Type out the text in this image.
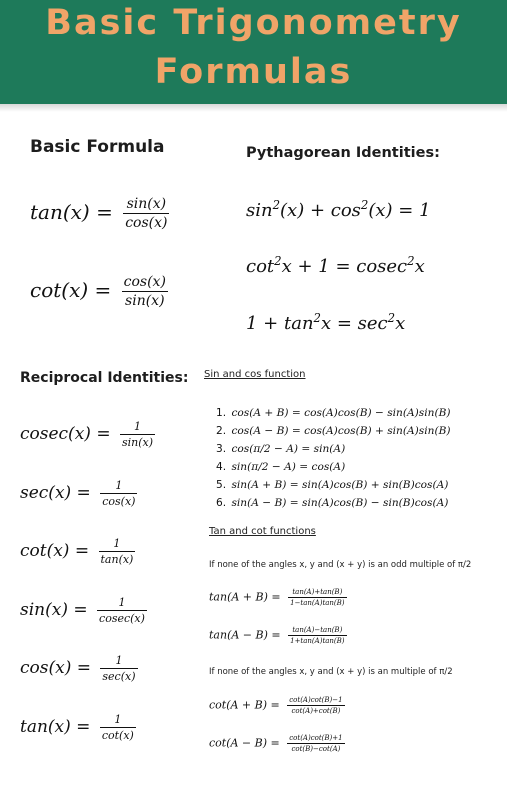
Basic Trigonometry
Formulas
Basic Formula
$\tan(x) = \frac{\sin(x)}{\cos(x)}$
$\cot(x) = \frac{\cos(x)}{\sin(x)}$
Pythagorean Identities:
$\sin^2(x) + \cos^2(x) = 1$
$\cot^2x + 1 = cosec^2x$
$1 + \tan^2x = \sec^2x$
Reciprocal Identities:
$cosec(x) = \frac{1}{\sin(x)}$
$\sec(x) = \frac{1}{\cos(x)}$
$\cot(x) = \frac{1}{\tan(x)}$
$\sin(x) = \frac{1}{cosec(x)}$
$\cos(x) = \frac{1}{\sec(x)}$
$\tan(x) = \frac{1}{\cot(x)}$
Sin and cos function
1. cos(A + B) = cos(A)cos(B) − sin(A)sin(B)
2. cos(A − B) = cos(A)cos(B) + sin(A)sin(B)
3. cos(π/2 − A) = sin(A)
4. sin(π/2 − A) = cos(A)
5. sin(A + B) = sin(A)cos(B) + sin(B)cos(A)
6. sin(A − B) = sin(A)cos(B) − sin(B)cos(A)
Tan and cot functions
If none of the angles x, y and (x + y) is an odd multiple of π/2
$\tan(A + B) = \frac{\tan(A)+\tan(B)}{1-\tan(A)\tan(B)}$
$\tan(A - B) = \frac{\tan(A)-\tan(B)}{1+\tan(A)\tan(B)}$
If none of the angles x, y and (x + y) is an multiple of π/2
$\cot(A + B) = \frac{\cot(A)\cot(B)-1}{\cot(A)+\cot(B)}$
$\cot(A - B) = \frac{\cot(A)\cot(B)+1}{\cot(B)-\cot(A)}$
